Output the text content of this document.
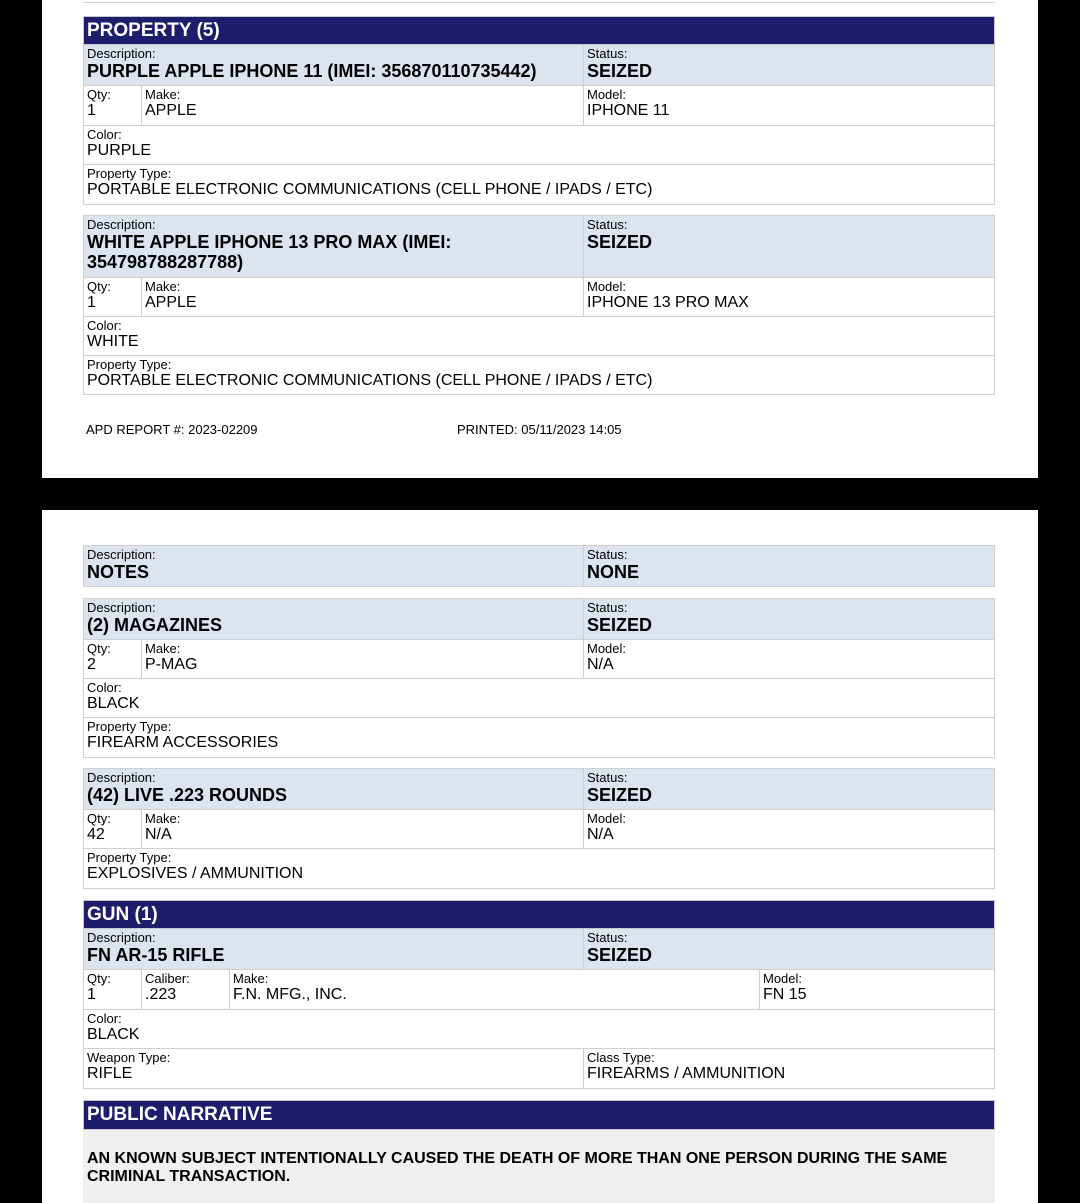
PROPERTY (5)
Description:
PURPLE APPLE IPHONE 11 (IMEI: 356870110735442)
Status:
SEIZED
Qty:
1
Make:
APPLE
Model:
IPHONE 11
Color:
PURPLE
Property Type:
PORTABLE ELECTRONIC COMMUNICATIONS (CELL PHONE / IPADS / ETC)
Description:
WHITE APPLE IPHONE 13 PRO MAX (IMEI:
354798788287788)
Status:
SEIZED
Qty:
1
Make:
APPLE
Model:
IPHONE 13 PRO MAX
Color:
WHITE
Property Type:
PORTABLE ELECTRONIC COMMUNICATIONS (CELL PHONE / IPADS / ETC)
APD REPORT #: 2023-02209	PRINTED: 05/11/2023 14:05
Description:
NOTES
Status:
NONE
Description:
(2) MAGAZINES
Status:
SEIZED
Qty:
2
Make:
P-MAG
Model:
N/A
Color:
BLACK
Property Type:
FIREARM ACCESSORIES
Description:
(42) LIVE .223 ROUNDS
Status:
SEIZED
Qty:
42
Make:
N/A
Model:
N/A
Property Type:
EXPLOSIVES / AMMUNITION
GUN (1)
Description:
FN AR-15 RIFLE
Status:
SEIZED
Qty:
1
Caliber:
.223
Make:
F.N. MFG., INC.
Model:
FN 15
Color:
BLACK
Weapon Type:
RIFLE
Class Type:
FIREARMS / AMMUNITION
PUBLIC NARRATIVE
AN KNOWN SUBJECT INTENTIONALLY CAUSED THE DEATH OF MORE THAN ONE PERSON DURING THE SAME CRIMINAL TRANSACTION.
